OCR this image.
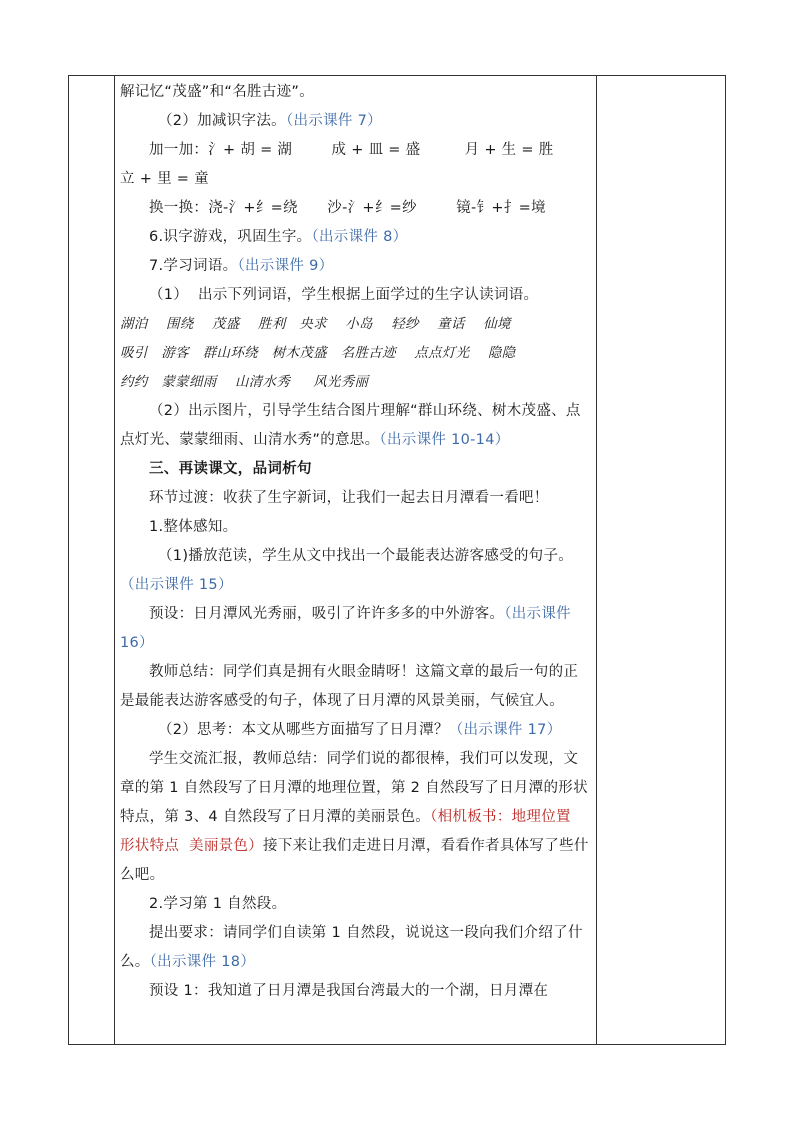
解记忆“茂盛”和“名胜古迹”。

（2）加减识字法。（出示课件 7）

加一加：氵+ 胡 = 湖        成 + 皿 = 盛         月 + 生 = 胜

立 + 里 = 童

换一换：浇-氵+纟=绕      沙-氵+纟=纱        镜-钅+扌=境

6.识字游戏，巩固生字。（出示课件 8）

7.学习词语。（出示课件 9）

（1）  出示下列词语，学生根据上面学过的生字认读词语。

湖泊    围绕    茂盛    胜利   央求    小岛    轻纱    童话    仙境

吸引   游客   群山环绕   树木茂盛   名胜古迹    点点灯光    隐隐

约约   蒙蒙细雨    山清水秀     风光秀丽

（2）出示图片，引导学生结合图片理解“群山环绕、树木茂盛、点点灯光、蒙蒙细雨、山清水秀”的意思。（出示课件 10-14）

三、再读课文，品词析句

环节过渡：收获了生字新词，让我们一起去日月潭看一看吧！

1.整体感知。

（1)播放范读，学生从文中找出一个最能表达游客感受的句子。（出示课件 15）

预设：日月潭风光秀丽，吸引了许许多多的中外游客。（出示课件 16）

教师总结：同学们真是拥有火眼金睛呀！这篇文章的最后一句的正是最能表达游客感受的句子，体现了日月潭的风景美丽，气候宜人。

（2）思考：本文从哪些方面描写了日月潭？（出示课件 17）

学生交流汇报，教师总结：同学们说的都很棒，我们可以发现，文章的第 1 自然段写了日月潭的地理位置，第 2 自然段写了日月潭的形状特点，第 3、4 自然段写了日月潭的美丽景色。（相机板书：地理位置  形状特点  美丽景色）接下来让我们走进日月潭，看看作者具体写了些什么吧。

2.学习第 1 自然段。

提出要求：请同学们自读第 1 自然段，说说这一段向我们介绍了什么。（出示课件 18）

预设 1：我知道了日月潭是我国台湾最大的一个湖，日月潭在
